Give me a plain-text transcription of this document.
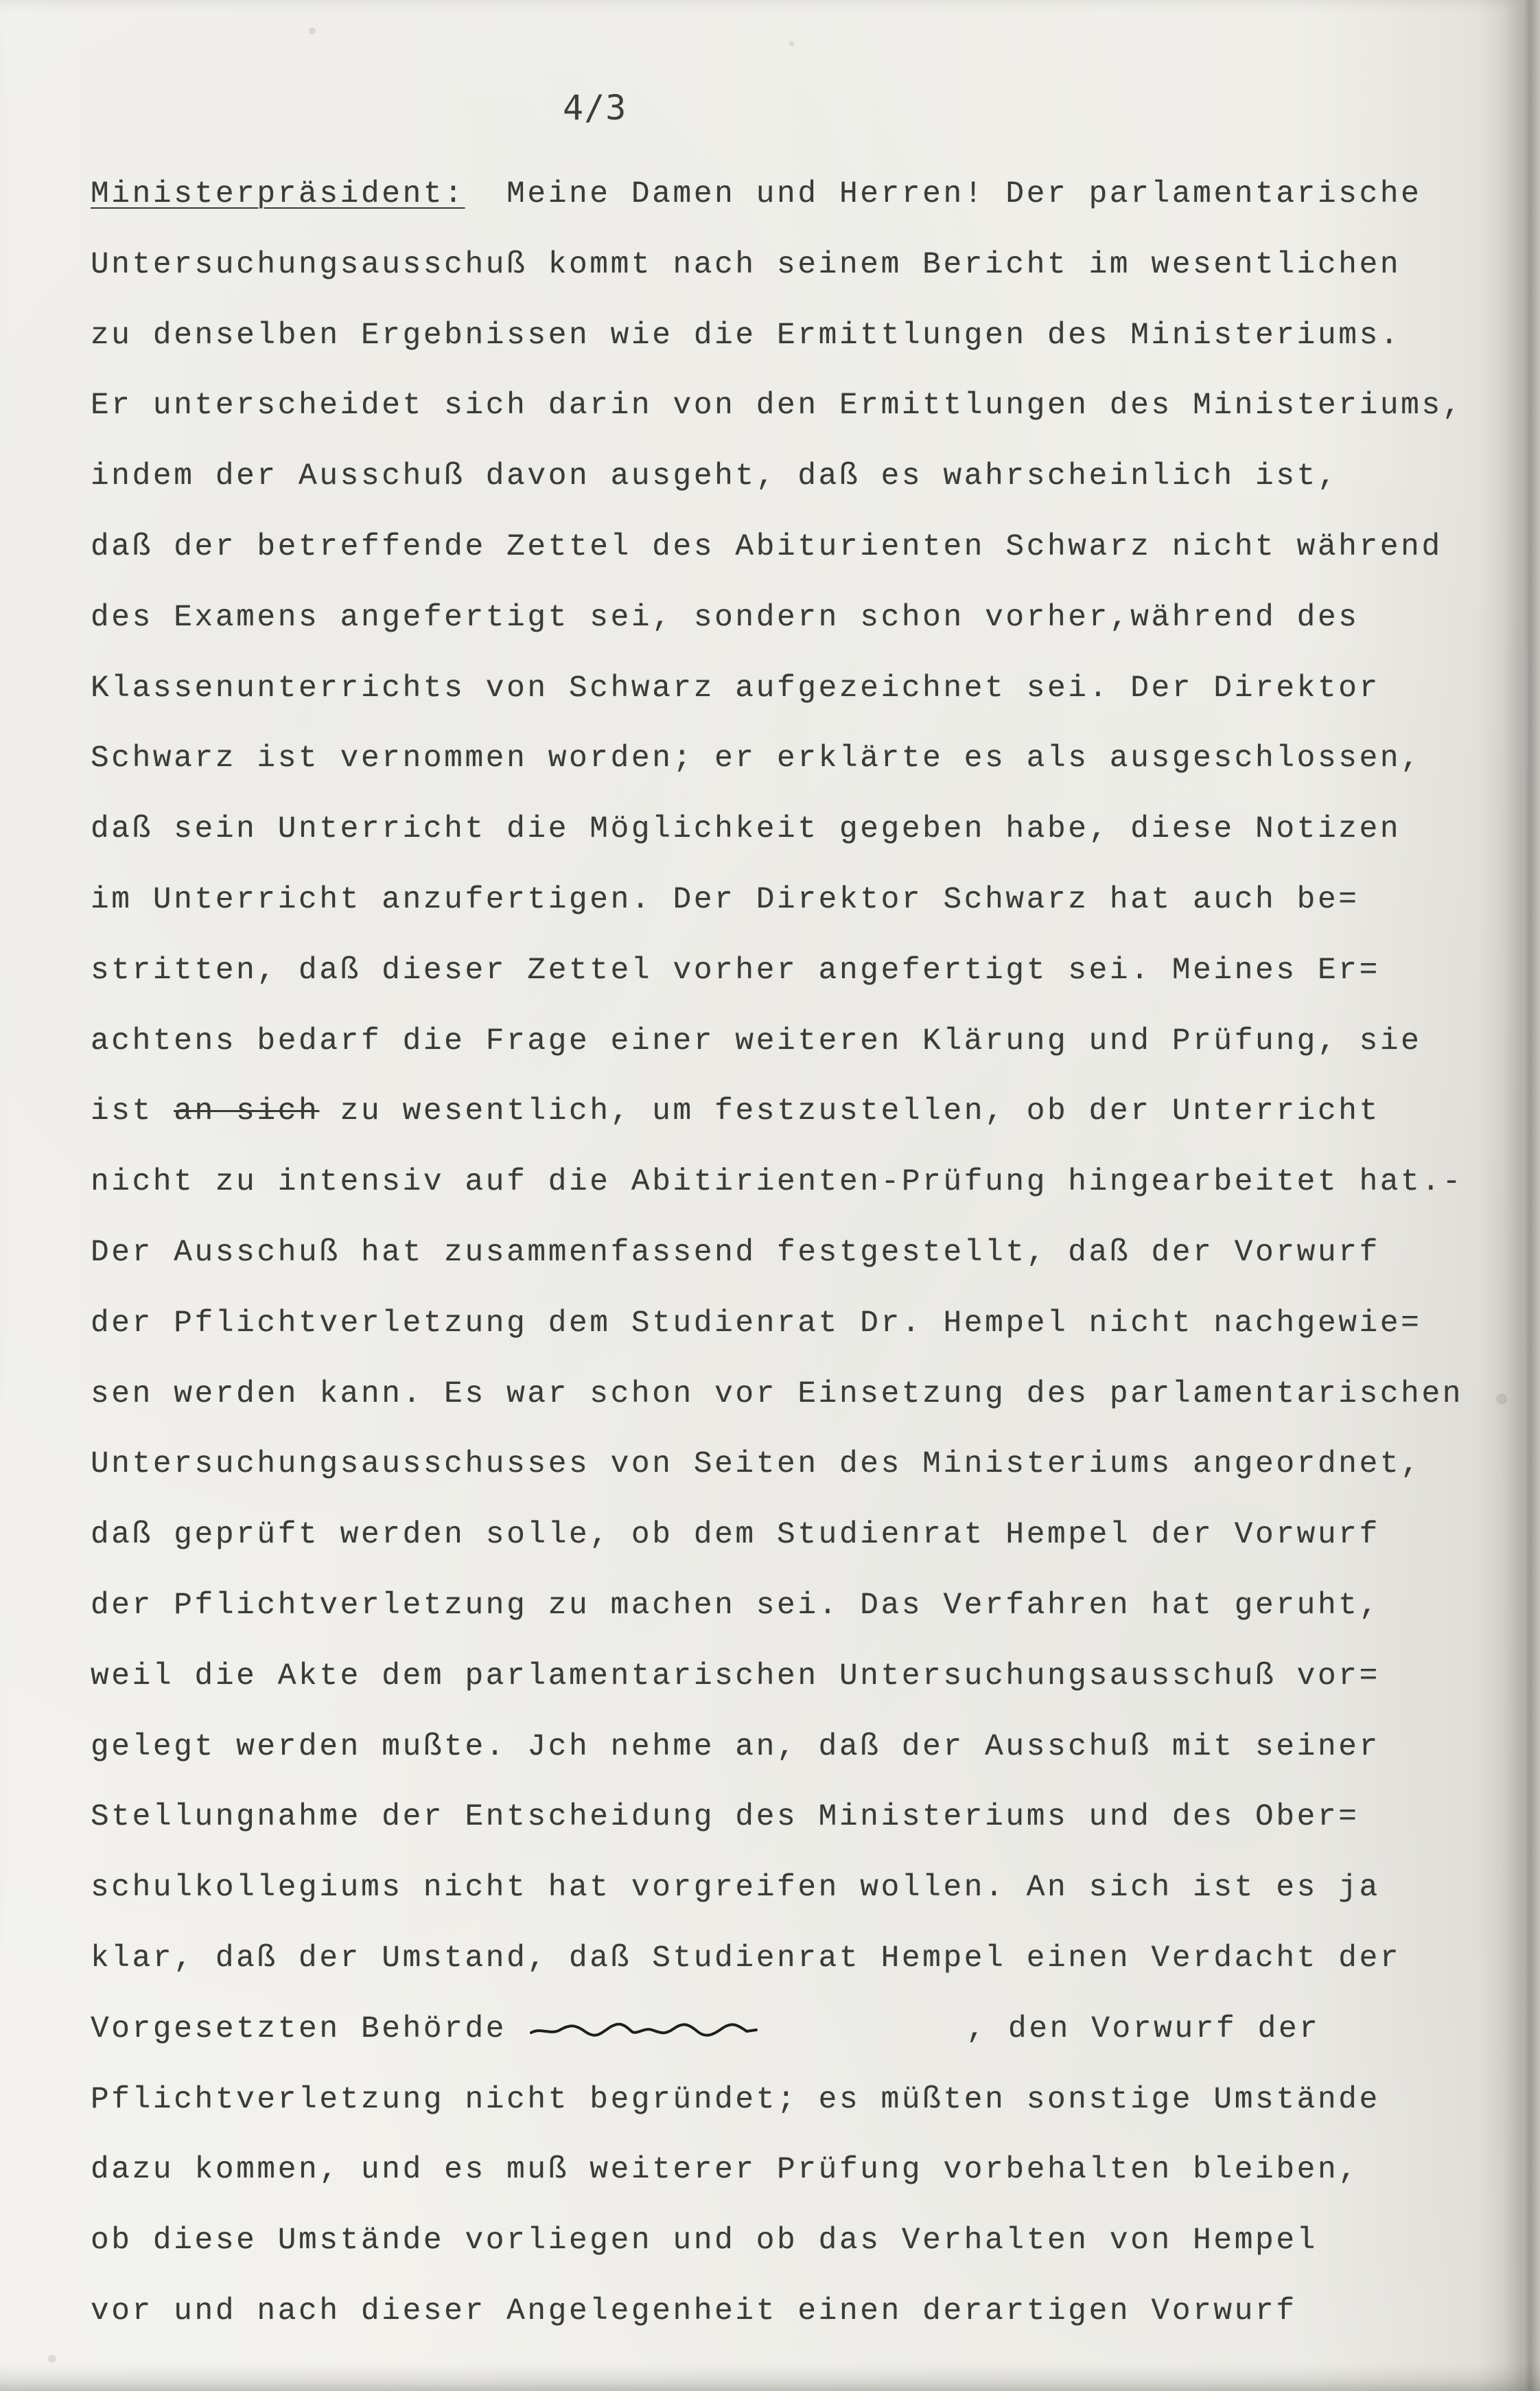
4/3
Ministerpräsident: Meine Damen und Herren! Der parlamentarische
Untersuchungsausschuß kommt nach seinem Bericht im wesentlichen
zu denselben Ergebnissen wie die Ermittlungen des Ministeriums.
Er unterscheidet sich darin von den Ermittlungen des Ministeriums,
indem der Ausschuß davon ausgeht, daß es wahrscheinlich ist,
daß der betreffende Zettel des Abiturienten Schwarz nicht während
des Examens angefertigt sei, sondern schon vorher,während des
Klassenunterrichts von Schwarz aufgezeichnet sei. Der Direktor
Schwarz ist vernommen worden; er erklärte es als ausgeschlossen,
daß sein Unterricht die Möglichkeit gegeben habe, diese Notizen
im Unterricht anzufertigen. Der Direktor Schwarz hat auch be=
stritten, daß dieser Zettel vorher angefertigt sei. Meines Er=
achtens bedarf die Frage einer weiteren Klärung und Prüfung, sie
ist an sich zu wesentlich, um festzustellen, ob der Unterricht
nicht zu intensiv auf die Abitirienten-Prüfung hingearbeitet hat.-
Der Ausschuß hat zusammenfassend festgestellt, daß der Vorwurf
der Pflichtverletzung dem Studienrat Dr. Hempel nicht nachgewie=
sen werden kann. Es war schon vor Einsetzung des parlamentarischen
Untersuchungsausschusses von Seiten des Ministeriums angeordnet,
daß geprüft werden solle, ob dem Studienrat Hempel der Vorwurf
der Pflichtverletzung zu machen sei. Das Verfahren hat geruht,
weil die Akte dem parlamentarischen Untersuchungsausschuß vor=
gelegt werden mußte. Jch nehme an, daß der Ausschuß mit seiner
Stellungnahme der Entscheidung des Ministeriums und des Ober=
schulkollegiums nicht hat vorgreifen wollen. An sich ist es ja
klar, daß der Umstand, daß Studienrat Hempel einen Verdacht der
Vorgesetzten Behörde	, den Vorwurf der
Pflichtverletzung nicht begründet; es müßten sonstige Umstände
dazu kommen, und es muß weiterer Prüfung vorbehalten bleiben,
ob diese Umstände vorliegen und ob das Verhalten von Hempel
vor und nach dieser Angelegenheit einen derartigen Vorwurf
